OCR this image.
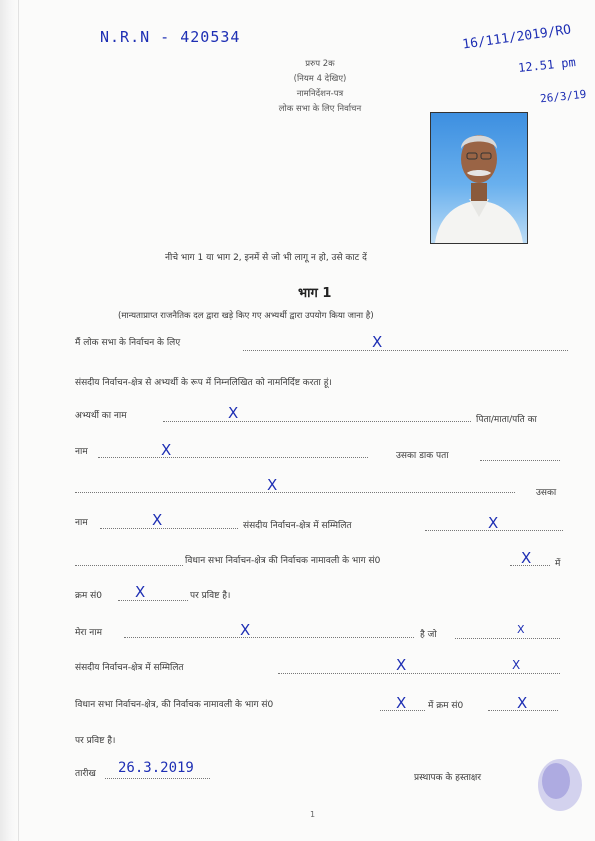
N.R.N - 420534	16/111/2019/RO
12.51 pm
26/3/19
प्ररुप 2क
(नियम 4 देखिए)
नामनिर्देशन-पत्र
लोक सभा के लिए निर्वाचन
नीचे भाग 1 या भाग 2, इनमें से जो भी लागू न हो, उसे काट दें
भाग 1
(मान्यताप्राप्त राजनैतिक दल द्वारा खड़े किए गए अभ्यर्थी द्वारा उपयोग किया जाना है)
मैं लोक सभा के निर्वाचन के लिए	X
संसदीय निर्वाचन-क्षेत्र से अभ्यर्थी के रूप में निम्नलिखित को नामनिर्दिष्ट करता हूं।
अभ्यर्थी का नाम	X	पिता/माता/पति का
नाम	X	उसका डाक पता
X	उसका
नाम	X	संसदीय निर्वाचन-क्षेत्र में सम्मिलित	X
विधान सभा निर्वाचन-क्षेत्र की निर्वाचक नामावली के भाग सं0	X	में
क्रम सं0 X	पर प्रविष्ट है।
मेरा नाम	X	है जो	X
संसदीय निर्वाचन-क्षेत्र में सम्मिलित	X	X
विधान सभा निर्वाचन-क्षेत्र, की निर्वाचक नामावली के भाग सं0	X में क्रम सं0	X
पर प्रविष्ट है।
तारीख 26.3.2019
प्रस्थापक के हस्ताक्षर
1
